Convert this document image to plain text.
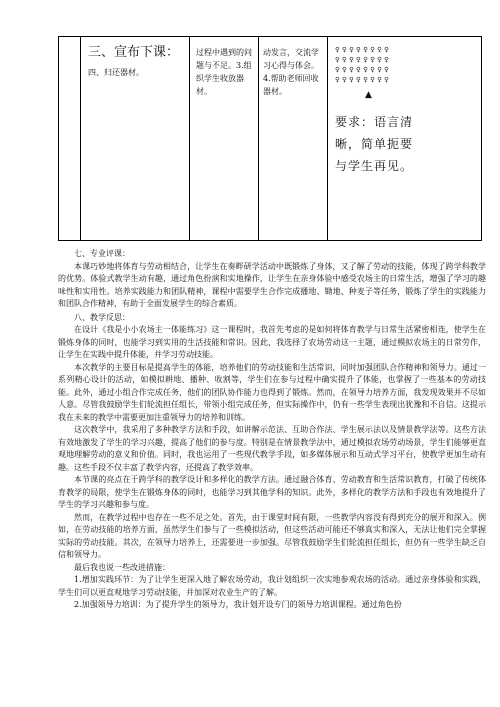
三、宣布下课：
四、归还器材。
过程中遇到的问题与不足。3.组织学生收放器材。
动发言，交流学习心得与体会。4.帮助老师回收器材。
♀♀♀♀♀♀♀♀
♀♀♀♀♀♀♀♀
♀♀♀♀♀♀♀♀
♀♀♀♀♀♀♀♀
▲
要求：语言清晰，简单扼要与学生再见。

七、专业评课：

本课巧妙地将体育与劳动相结合，让学生在奏畔研学活动中既锻炼了身体，又了解了劳动的技能，体现了跨学科教学的优势。体验式教学生动有趣，通过角色扮演和实地操作，让学生在亲身体验中感受农场主的日常生活，增强了学习的趣味性和实用性。培养实践能力和团队精神，课程中需要学生合作完成播地、锄地、种麦子等任务，锻炼了学生的实践能力和团队合作精神，有助于全面发展学生的综合素质。

八、教学反思：

在设计《我是小小农场主一体能练习》这一课程时，我首先考虑的是如何将体育教学与日常生活紧密相连，使学生在锻炼身体的同时，也能学习到实用的生活技能和常识。因此，我选择了农场劳动这一主题，通过模拟农场主的日常劳作，让学生在实践中提升体能，并学习劳动技能。

本次教学的主要目标是提高学生的体能，培养他们的劳动技能和生活常识，同时加强团队合作精神和领导力。通过一系列精心设计的活动，如模拟耕地、播种、收割等，学生们在参与过程中确实提升了体能，也掌握了一些基本的劳动技能。此外，通过小组合作完成任务，他们的团队协作能力也得到了锻炼。然而，在领导力培养方面，我发现效果并不尽如人意。尽管我鼓励学生们轮流担任组长，带领小组完成任务，但实际操作中，仍有一些学生表现出犹豫和不自信。这提示我在未来的教学中需要更加注重领导力的培养和训练。

这次教学中，我采用了多种教学方法和手段，如讲解示范法、互助合作法、学生展示法以及情景教学法等。这些方法有效地激发了学生的学习兴趣，提高了他们的参与度。特别是在情景教学法中，通过模拟农场劳动场景，学生们能够更直观地理解劳动的意义和价值。同时，我也运用了一些现代教学手段，如多媒体展示和互动式学习平台，使教学更加生动有趣。这些手段不仅丰富了教学内容，还提高了教学效率。

本节课的亮点在于跨学科的教学设计和多样化的教学方法。通过融合体育、劳动教育和生活常识教育，打破了传统体育教学的局限，使学生在锻炼身体的同时，也能学习到其他学科的知识。此外，多样化的教学方法和手段也有效地提升了学生的学习兴趣和参与度。

然而，在教学过程中也存在一些不足之处。首先，由于课堂时间有限，一些教学内容没有得到充分的展开和深入。例如，在劳动技能的培养方面，虽然学生们参与了一些模拟活动，但这些活动可能还不够真实和深入，无法让他们完全掌握实际的劳动技能。其次，在领导力培养上，还需要进一步加强。尽管我鼓励学生们轮流担任组长，但仍有一些学生缺乏自信和领导力。

最后我也说一些改进措施：

1.增加实践环节：为了让学生更深入地了解农场劳动，我计划组织一次实地参观农场的活动。通过亲身体验和实践，学生们可以更直观地学习劳动技能，并加深对农业生产的了解。

2.加强领导力培训：为了提升学生的领导力，我计划开设专门的领导力培训课程。通过角色扮
